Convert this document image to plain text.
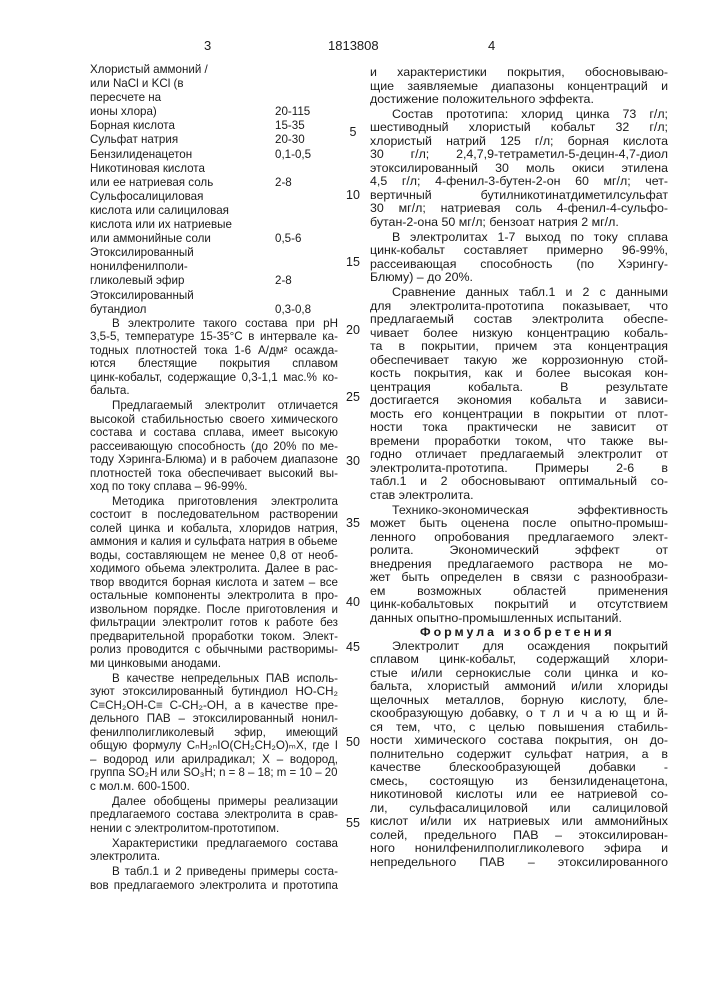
3	1813808	4
Хлористый аммоний /
или NaCl и KCl (в
пересчете на
ионы хлора)	20-115
Борная кислота	15-35
Сульфат натрия	20-30
Бензилиденацетон	0,1-0,5
Никотиновая кислота
или ее натриевая соль	2-8
Сульфосалициловая
кислота или салициловая
кислота или их натриевые
или аммонийные соли	0,5-6
Этоксилированный
нонилфенилполи-
гликолевый эфир	2-8
Этоксилированный
бутандиол	0,3-0,8
В электролите такого состава при pH
3,5-5, температуре 15-35°С в интервале ка-
тодных плотностей тока 1-6 А/дм² осажда-
ются блестящие покрытия сплавом
цинк-кобальт, содержащие 0,3-1,1 мас.% ко-
бальта.
Предлагаемый электролит отличается
высокой стабильностью своего химического
состава и состава сплава, имеет высокую
рассеивающую способность (до 20% по ме-
тоду Хэринга-Блюма) и в рабочем диапазоне
плотностей тока обеспечивает высокий вы-
ход по току сплава – 96-99%.
Методика приготовления электролита
состоит в последовательном растворении
солей цинка и кобальта, хлоридов натрия,
аммония и калия и сульфата натрия в обьеме
воды, составляющем не менее 0,8 от необ-
ходимого обьема электролита. Далее в рас-
твор вводится борная кислота и затем – все
остальные компоненты электролита в про-
извольном порядке. После приготовления и
фильтрации электролит готов к работе без
предварительной проработки током. Элект-
ролиз проводится с обычными растворимы-
ми цинковыми анодами.
В качестве непредельных ПАВ исполь-
зуют этоксилированный бутиндиол HO-CH₂
C≡CH₂OH-C≡ C-CH₂-OH, а в качестве пре-
дельного ПАВ – этоксилированный нонил-
фенилполигликолевый эфир, имеющий
общую формулу CₙH₂ₙIO(CH₂CH₂O)ₘX, где I
– водород или арилрадикал; X – водород,
группа SO₂H или SO₃H; n = 8 – 18; m = 10 – 20
с мол.м. 600-1500.
Далее обобщены примеры реализации
предлагаемого состава электролита в срав-
нении с электролитом-прототипом.
Характеристики предлагаемого состава
электролита.
В табл.1 и 2 приведены примеры соста-
вов предлагаемого электролита и прототипа
и характеристики покрытия, обосновываю-
щие заявляемые диапазоны концентраций и
достижение положительного эффекта.
Состав прототипа: хлорид цинка 73 г/л;
шестиводный хлористый кобальт 32 г/л;
хлористый натрий 125 г/л; борная кислота
30 г/л; 2,4,7,9-тетраметил-5-децин-4,7-диол
этоксилированный 30 моль окиси этилена
4,5 г/л; 4-фенил-3-бутен-2-он 60 мг/л; чет-
вертичный бутилникотинатдиметилсульфат
30 мг/л; натриевая соль 4-фенил-4-сульфо-
бутан-2-она 50 мг/л; бензоат натрия 2 мг/л.
В электролитах 1-7 выход по току сплава
цинк-кобальт составляет примерно 96-99%,
рассеивающая способность (по Хэрингу-
Блюму) – до 20%.
Сравнение данных табл.1 и 2 с данными
для электролита-прототипа показывает, что
предлагаемый состав электролита обеспе-
чивает более низкую концентрацию кобаль-
та в покрытии, причем эта концентрация
обеспечивает такую же коррозионную стой-
кость покрытия, как и более высокая кон-
центрация кобальта. В результате
достигается экономия кобальта и зависи-
мость его концентрации в покрытии от плот-
ности тока практически не зависит от
времени проработки током, что также вы-
годно отличает предлагаемый электролит от
электролита-прототипа. Примеры 2-6 в
табл.1 и 2 обосновывают оптимальный со-
став электролита.
Технико-экономическая эффективность
может быть оценена после опытно-промыш-
ленного опробования предлагаемого элект-
ролита. Экономический эффект от
внедрения предлагаемого раствора не мо-
жет быть определен в связи с разнообрази-
ем возможных областей применения
цинк-кобальтовых покрытий и отсутствием
данных опытно-промышленных испытаний.
Формула изобретения
Электролит для осаждения покрытий
сплавом цинк-кобальт, содержащий хлори-
стые и/или сернокислые соли цинка и ко-
бальта, хлористый аммоний и/или хлориды
щелочных металлов, борную кислоту, бле-
скообразующую добавку, о т л и ч а ю щ и й-
ся тем, что, с целью повышения стабиль-
ности химического состава покрытия, он до-
полнительно содержит сульфат натрия, а в
качестве блескообразующей добавки -
смесь, состоящую из бензилиденацетона,
никотиновой кислоты или ее натриевой со-
ли, сульфасалициловой или салициловой
кислот и/или их натриевых или аммонийных
солей, предельного ПАВ – этоксилирован-
ного нонилфенилполигликолевого эфира и
непредельного ПАВ – этоксилированного
5
10
15
20
25
30
35
40
45
50
55
